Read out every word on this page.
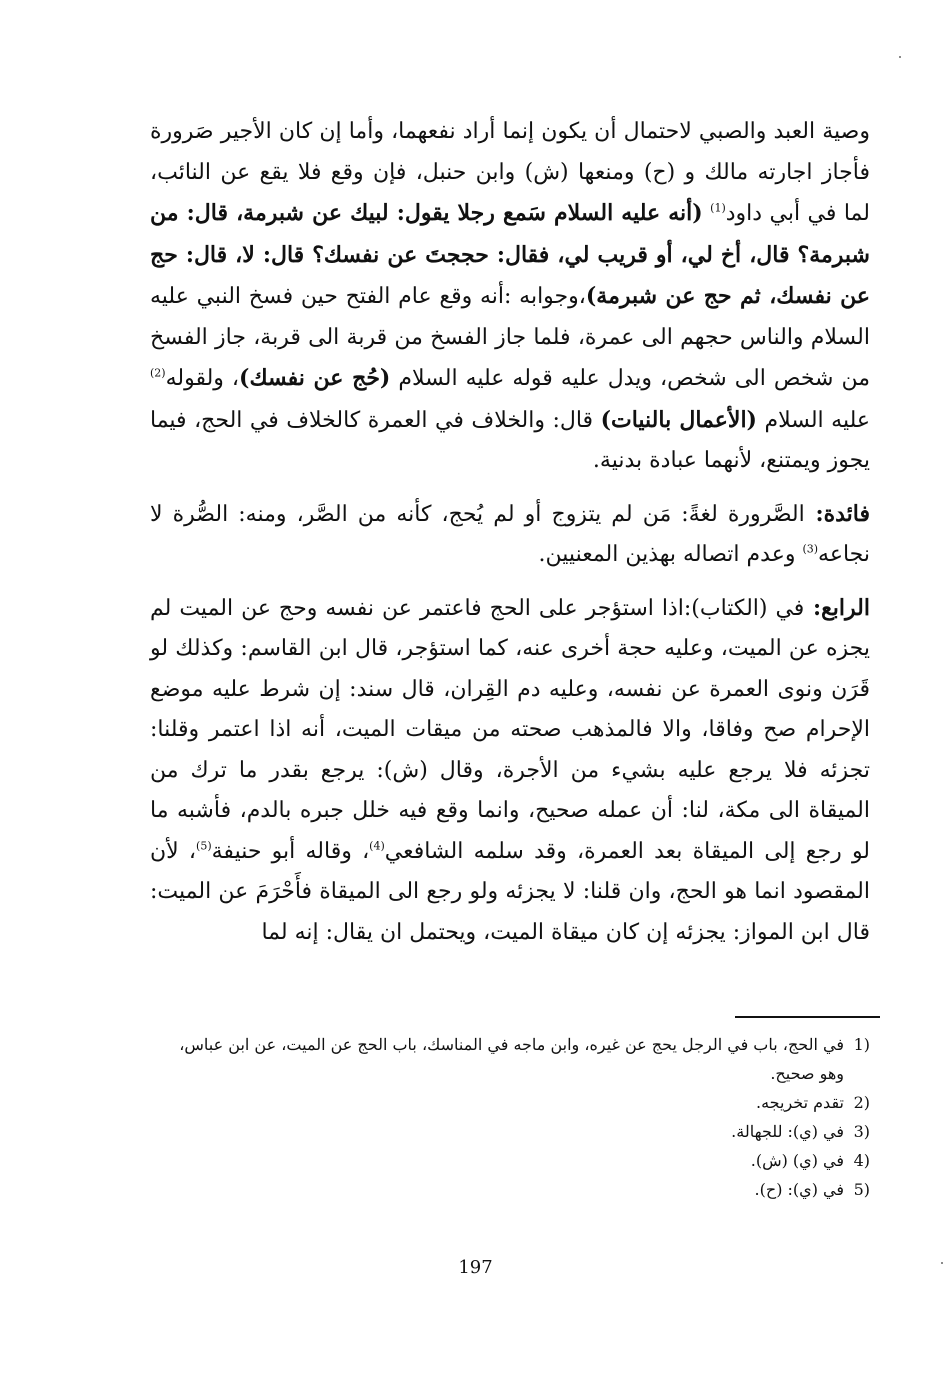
وصية العبد والصبي لاحتمال أن يكون إنما أراد نفعهما، وأما إن كان الأجير صَرورة فأجاز اجارته مالك و (ح) ومنعها (ش) وابن حنبل، فإن وقع فلا يقع عن النائب، لما في أبي داود$^{(1)}$ (أنه عليه السلام سَمع رجلا يقول: لبيك عن شبرمة، قال: من شبرمة؟ قال، أخ لي، أو قريب لي، فقال: حججتَ عن نفسك؟ قال: لا، قال: حج عن نفسك، ثم حج عن شبرمة)،وجوابه :أنه وقع عام الفتح حين فسخ النبي عليه السلام والناس حجهم الى عمرة، فلما جاز الفسخ من قربة الى قربة، جاز الفسخ من شخص الى شخص، ويدل عليه قوله عليه السلام (حُج عن نفسك)، ولقوله$^{(2)}$ عليه السلام (الأعمال بالنيات) قال: والخلاف في العمرة كالخلاف في الحج، فيما يجوز ويمتنع، لأنهما عبادة بدنية.

فائدة: الصَّرورة لغةً: مَن لم يتزوج أو لم يُحج، كأنه من الصَّر، ومنه: الصُّرة لا نجاعه$^{(3)}$ وعدم اتصاله بهذين المعنيين.

الرابع: في (الكتاب):اذا استؤجر على الحج فاعتمر عن نفسه وحج عن الميت لم يجزه عن الميت، وعليه حجة أخرى عنه، كما استؤجر، قال ابن القاسم: وكذلك لو قَرَن ونوى العمرة عن نفسه، وعليه دم القِران، قال سند: إن شرط عليه موضع الإحرام صح وفاقا، والا فالمذهب صحته من ميقات الميت، أنه اذا اعتمر وقلنا: تجزئه فلا يرجع عليه بشيء من الأجرة، وقال (ش): يرجع بقدر ما ترك من الميقاة الى مكة، لنا: أن عمله صحيح، وانما وقع فيه خلل جبره بالدم، فأشبه ما لو رجع إلى الميقاة بعد العمرة، وقد سلمه الشافعي$^{(4)}$، وقاله أبو حنيفة$^{(5)}$، لأن المقصود انما هو الحج، وان قلنا: لا يجزئه ولو رجع الى الميقاة فأَحْرَمَ عن الميت: قال ابن المواز: يجزئه إن كان ميقاة الميت، ويحتمل ان يقال: إنه لما

(1
في الحج، باب في الرجل يحج عن غيره، وابن ماجه في المناسك، باب الحج عن الميت، عن ابن عباس، وهو صحيح.
(2
تقدم تخريجه.
(3
في (ي): للجهالة.
(4
في (ي) (ش).
(5
في (ي): (ح).
197
